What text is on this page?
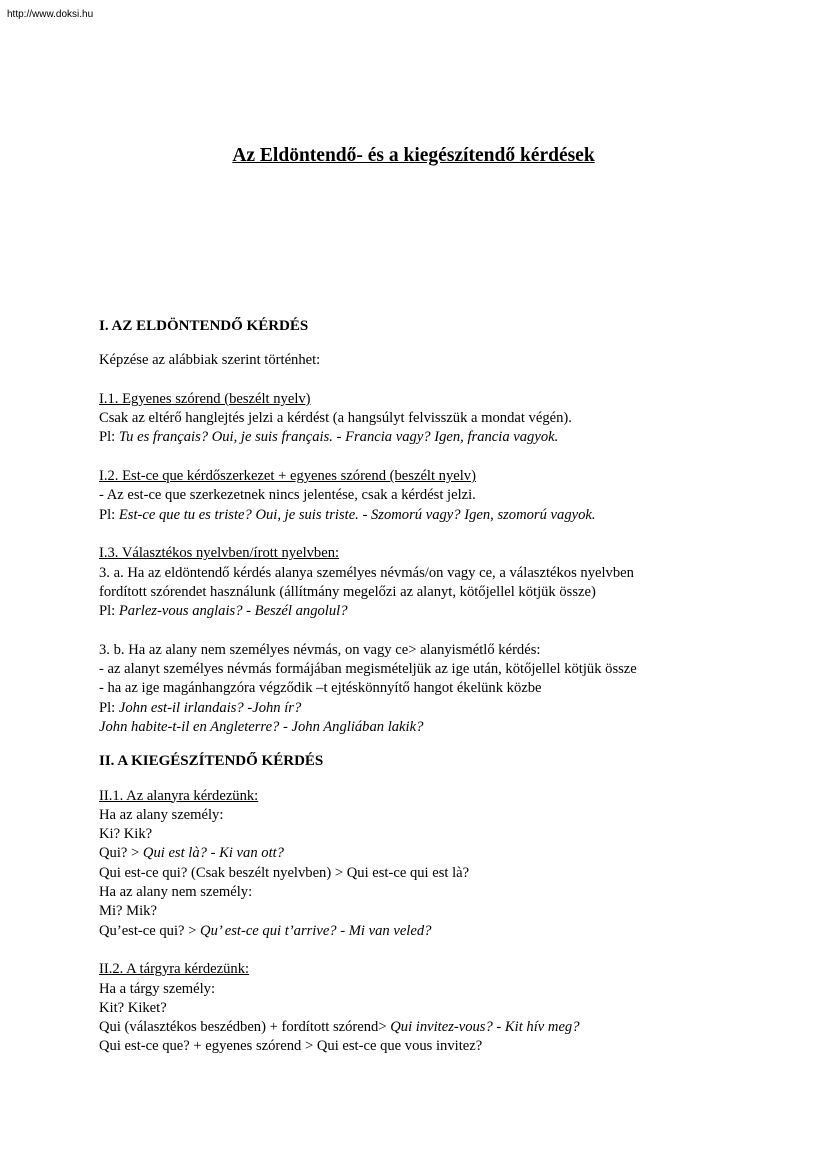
http://www.doksi.hu
Az Eldöntendő- és a kiegészítendő kérdések
I. AZ ELDÖNTENDŐ KÉRDÉS
Képzése az alábbiak szerint történhet:
I.1. Egyenes szórend (beszélt nyelv)
Csak az eltérő hanglejtés jelzi a kérdést (a hangsúlyt felvisszük a mondat végén).
Pl: Tu es français? Oui, je suis français. - Francia vagy? Igen, francia vagyok.
I.2. Est-ce que kérdőszerkezet + egyenes szórend (beszélt nyelv)
- Az est-ce que szerkezetnek nincs jelentése, csak a kérdést jelzi.
Pl: Est-ce que tu es triste? Oui, je suis triste. - Szomorú vagy? Igen, szomorú vagyok.
I.3. Választékos nyelvben/írott nyelvben:
3. a. Ha az eldöntendő kérdés alanya személyes névmás/on vagy ce, a választékos nyelvben
fordított szórendet használunk (állítmány megelőzi az alanyt, kötőjellel kötjük össze)
Pl: Parlez-vous anglais? - Beszél angolul?
3. b. Ha az alany nem személyes névmás, on vagy ce> alanyismétlő kérdés:
- az alanyt személyes névmás formájában megismételjük az ige után, kötőjellel kötjük össze
- ha az ige magánhangzóra végződik –t ejtéskönnyítő hangot ékelünk közbe
Pl: John est-il irlandais? -John ír?
John habite-t-il en Angleterre? - John Angliában lakik?
II. A KIEGÉSZÍTENDŐ KÉRDÉS
II.1. Az alanyra kérdezünk:
Ha az alany személy:
Ki? Kik?
Qui? > Qui est là? - Ki van ott?
Qui est-ce qui? (Csak beszélt nyelvben) > Qui est-ce qui est là?
Ha az alany nem személy:
Mi? Mik?
Qu’est-ce qui? > Qu’ est-ce qui t’arrive? - Mi van veled?
II.2. A tárgyra kérdezünk:
Ha a tárgy személy:
Kit? Kiket?
Qui (választékos beszédben) + fordított szórend> Qui invitez-vous? - Kit hív meg?
Qui est-ce que? + egyenes szórend > Qui est-ce que vous invitez?
